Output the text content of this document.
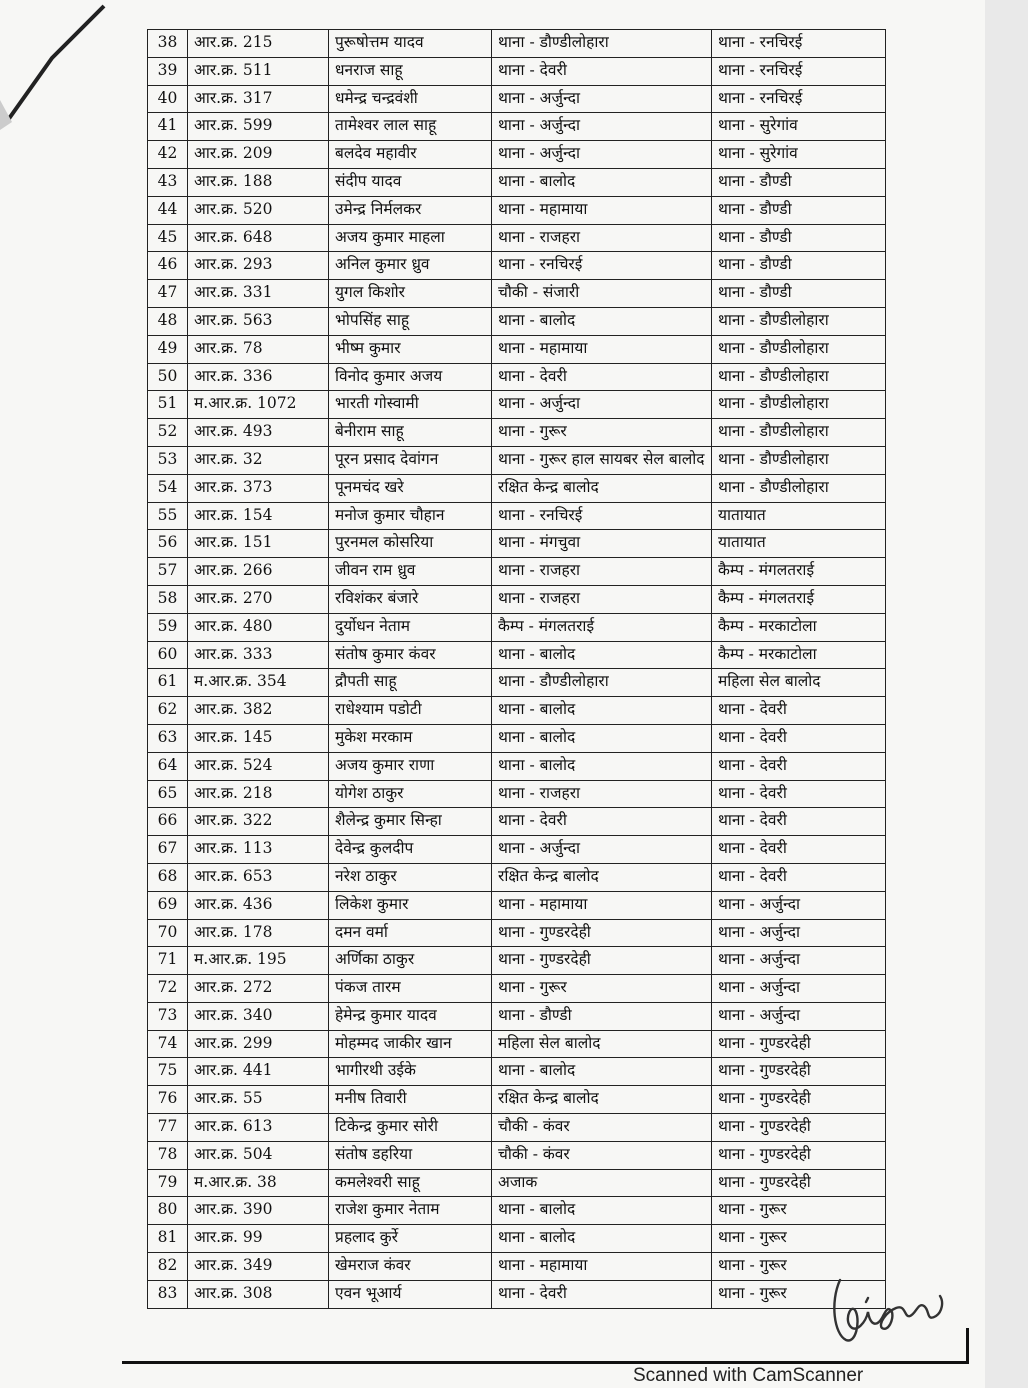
38	आर.क्र. 215	पुरूषोत्तम यादव	थाना - डौण्डीलोहारा	थाना - रनचिरई
39	आर.क्र. 511	धनराज साहू	थाना - देवरी	थाना - रनचिरई
40	आर.क्र. 317	धमेन्द्र चन्द्रवंशी	थाना - अर्जुन्दा	थाना - रनचिरई
41	आर.क्र. 599	तामेश्वर लाल साहू	थाना - अर्जुन्दा	थाना - सुरेगांव
42	आर.क्र. 209	बलदेव महावीर	थाना - अर्जुन्दा	थाना - सुरेगांव
43	आर.क्र. 188	संदीप यादव	थाना - बालोद	थाना - डौण्डी
44	आर.क्र. 520	उमेन्द्र निर्मलकर	थाना - महामाया	थाना - डौण्डी
45	आर.क्र. 648	अजय कुमार माहला	थाना - राजहरा	थाना - डौण्डी
46	आर.क्र. 293	अनिल कुमार ध्रुव	थाना - रनचिरई	थाना - डौण्डी
47	आर.क्र. 331	युगल किशोर	चौकी - संजारी	थाना - डौण्डी
48	आर.क्र. 563	भोपसिंह साहू	थाना - बालोद	थाना - डौण्डीलोहारा
49	आर.क्र. 78	भीष्म कुमार	थाना - महामाया	थाना - डौण्डीलोहारा
50	आर.क्र. 336	विनोद कुमार अजय	थाना - देवरी	थाना - डौण्डीलोहारा
51	म.आर.क्र. 1072	भारती गोस्वामी	थाना - अर्जुन्दा	थाना - डौण्डीलोहारा
52	आर.क्र. 493	बेनीराम साहू	थाना - गुरूर	थाना - डौण्डीलोहारा
53	आर.क्र. 32	पूरन प्रसाद देवांगन	थाना - गुरूर हाल सायबर सेल बालोद	थाना - डौण्डीलोहारा
54	आर.क्र. 373	पूनमचंद खरे	रक्षित केन्द्र बालोद	थाना - डौण्डीलोहारा
55	आर.क्र. 154	मनोज कुमार चौहान	थाना - रनचिरई	यातायात
56	आर.क्र. 151	पुरनमल कोसरिया	थाना - मंगचुवा	यातायात
57	आर.क्र. 266	जीवन राम ध्रुव	थाना - राजहरा	कैम्प - मंगलतराई
58	आर.क्र. 270	रविशंकर बंजारे	थाना - राजहरा	कैम्प - मंगलतराई
59	आर.क्र. 480	दुर्योधन नेताम	कैम्प - मंगलतराई	कैम्प - मरकाटोला
60	आर.क्र. 333	संतोष कुमार कंवर	थाना - बालोद	कैम्प - मरकाटोला
61	म.आर.क्र. 354	द्रौपती साहू	थाना - डौण्डीलोहारा	महिला सेल बालोद
62	आर.क्र. 382	राधेश्याम पडोटी	थाना - बालोद	थाना - देवरी
63	आर.क्र. 145	मुकेश मरकाम	थाना - बालोद	थाना - देवरी
64	आर.क्र. 524	अजय कुमार राणा	थाना - बालोद	थाना - देवरी
65	आर.क्र. 218	योगेश ठाकुर	थाना - राजहरा	थाना - देवरी
66	आर.क्र. 322	शैलेन्द्र कुमार सिन्हा	थाना - देवरी	थाना - देवरी
67	आर.क्र. 113	देवेन्द्र कुलदीप	थाना - अर्जुन्दा	थाना - देवरी
68	आर.क्र. 653	नरेश ठाकुर	रक्षित केन्द्र बालोद	थाना - देवरी
69	आर.क्र. 436	लिकेश कुमार	थाना - महामाया	थाना - अर्जुन्दा
70	आर.क्र. 178	दमन वर्मा	थाना - गुण्डरदेही	थाना - अर्जुन्दा
71	म.आर.क्र. 195	अर्णिका ठाकुर	थाना - गुण्डरदेही	थाना - अर्जुन्दा
72	आर.क्र. 272	पंकज तारम	थाना - गुरूर	थाना - अर्जुन्दा
73	आर.क्र. 340	हेमेन्द्र कुमार यादव	थाना - डौण्डी	थाना - अर्जुन्दा
74	आर.क्र. 299	मोहम्मद जाकीर खान	महिला सेल बालोद	थाना - गुण्डरदेही
75	आर.क्र. 441	भागीरथी उईके	थाना - बालोद	थाना - गुण्डरदेही
76	आर.क्र. 55	मनीष तिवारी	रक्षित केन्द्र बालोद	थाना - गुण्डरदेही
77	आर.क्र. 613	टिकेन्द्र कुमार सोरी	चौकी - कंवर	थाना - गुण्डरदेही
78	आर.क्र. 504	संतोष डहरिया	चौकी - कंवर	थाना - गुण्डरदेही
79	म.आर.क्र. 38	कमलेश्वरी साहू	अजाक	थाना - गुण्डरदेही
80	आर.क्र. 390	राजेश कुमार नेताम	थाना - बालोद	थाना - गुरूर
81	आर.क्र. 99	प्रहलाद कुर्रे	थाना - बालोद	थाना - गुरूर
82	आर.क्र. 349	खेमराज कंवर	थाना - महामाया	थाना - गुरूर
83	आर.क्र. 308	एवन भूआर्य	थाना - देवरी	थाना - गुरूर
Scanned with CamScanner
